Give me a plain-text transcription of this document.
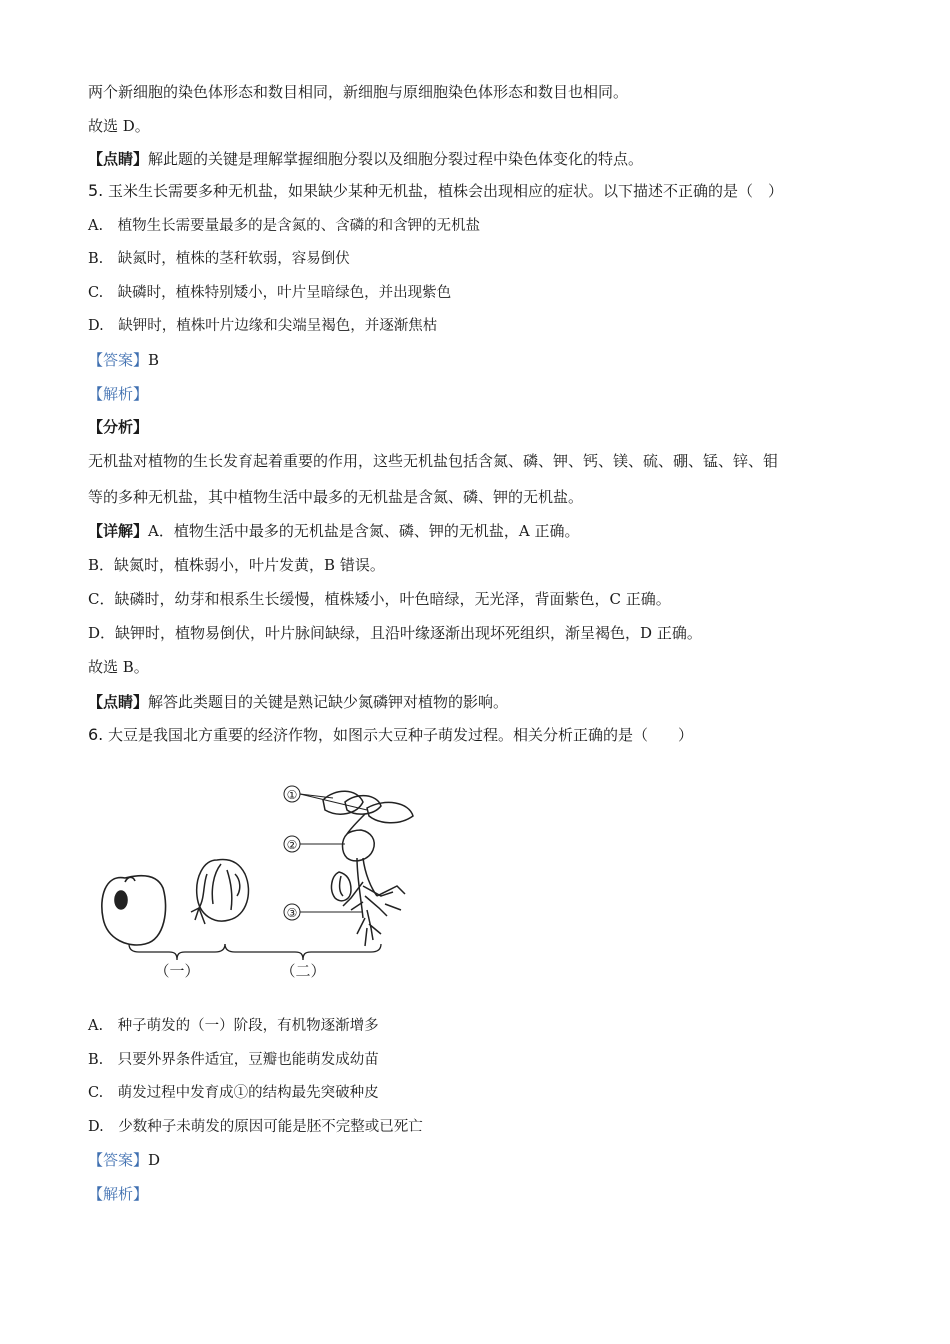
两个新细胞的染色体形态和数目相同，新细胞与原细胞染色体形态和数目也相同。
故选 D。
【点睛】解此题的关键是理解掌握细胞分裂以及细胞分裂过程中染色体变化的特点。
5. 玉米生长需要多种无机盐，如果缺少某种无机盐，植株会出现相应的症状。以下描述不正确的是（　）
A.　植物生长需要量最多的是含氮的、含磷的和含钾的无机盐
B.　缺氮时，植株的茎秆软弱，容易倒伏
C.　缺磷时，植株特别矮小，叶片呈暗绿色，并出现紫色
D.　缺钾时，植株叶片边缘和尖端呈褐色，并逐渐焦枯
【答案】B
【解析】
【分析】
无机盐对植物的生长发育起着重要的作用，这些无机盐包括含氮、磷、钾、钙、镁、硫、硼、锰、锌、钼
等的多种无机盐，其中植物生活中最多的无机盐是含氮、磷、钾的无机盐。
【详解】A．植物生活中最多的无机盐是含氮、磷、钾的无机盐，A 正确。
B．缺氮时，植株弱小，叶片发黄，B 错误。
C．缺磷时，幼芽和根系生长缓慢，植株矮小，叶色暗绿，无光泽，背面紫色，C 正确。
D．缺钾时，植物易倒伏，叶片脉间缺绿，且沿叶缘逐渐出现坏死组织，渐呈褐色，D 正确。
故选 B。
【点睛】解答此类题目的关键是熟记缺少氮磷钾对植物的影响。
6. 大豆是我国北方重要的经济作物，如图示大豆种子萌发过程。相关分析正确的是（　　）
①
②
③
（一）	（二）
A.　种子萌发的（一）阶段，有机物逐渐增多
B.　只要外界条件适宜，豆瓣也能萌发成幼苗
C.　萌发过程中发育成①的结构最先突破种皮
D.　少数种子未萌发的原因可能是胚不完整或已死亡
【答案】D
【解析】
